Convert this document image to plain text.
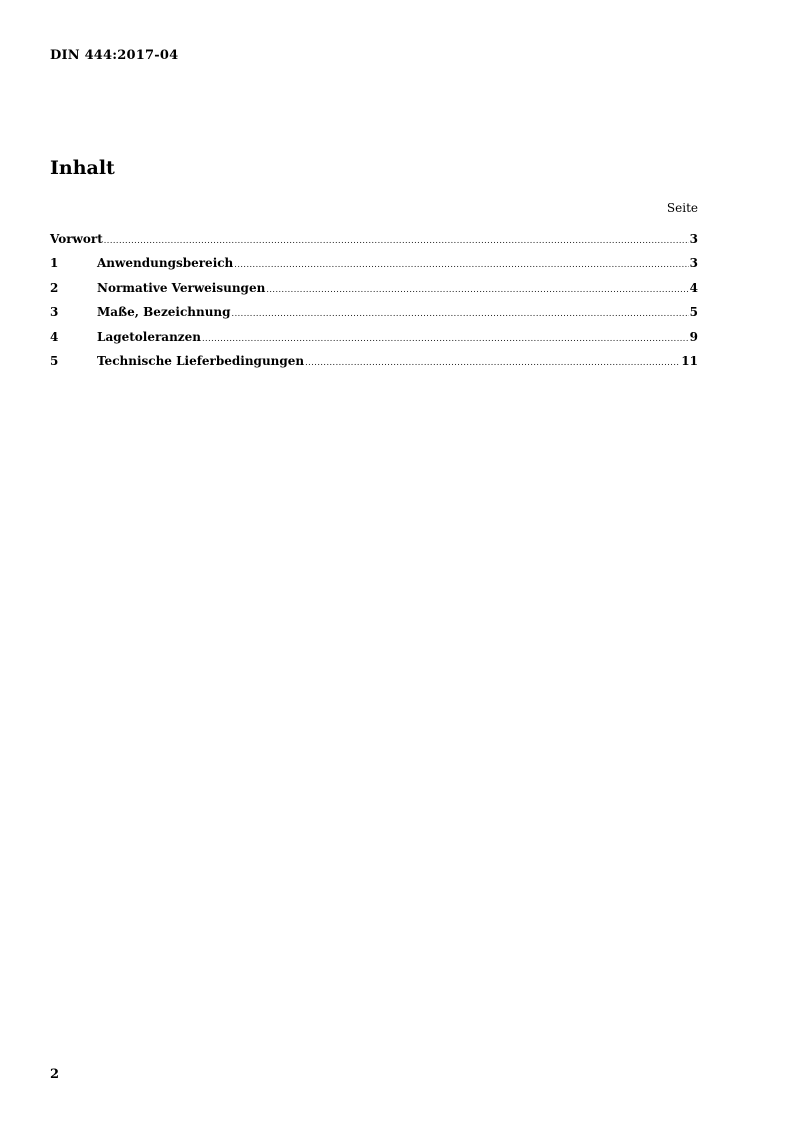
DIN 444:2017-04
Inhalt
Seite
Vorwort .....	3
1	Anwendungsbereich .....	3
2	Normative Verweisungen .....	4
3	Maße, Bezeichnung .....	5
4	Lagetoleranzen .....	9
5	Technische Lieferbedingungen .....	11
2
